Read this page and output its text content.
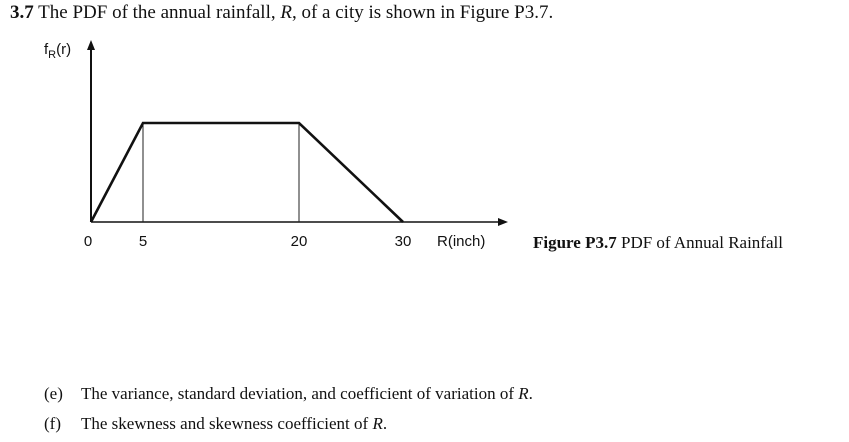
3.7 The PDF of the annual rainfall, R, of a city is shown in Figure P3.7.
$f_R(r)$
0	5	20	30 R(inch)	Figure P3.7 PDF of Annual Rainfall
(e) The variance, standard deviation, and coefficient of variation of R.
(f) The skewness and skewness coefficient of R.
